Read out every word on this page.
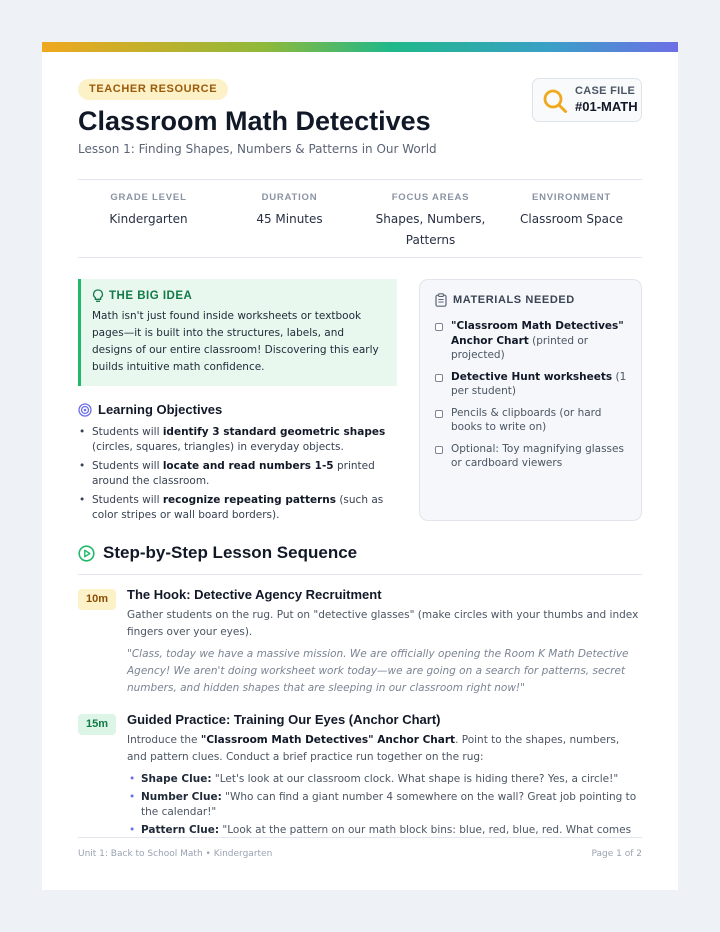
TEACHER RESOURCE
Classroom Math Detectives
Lesson 1: Finding Shapes, Numbers & Patterns in Our World
CASE FILE
#01-MATH
GRADE LEVEL
Kindergarten
DURATION
45 Minutes
FOCUS AREAS
Shapes, Numbers, Patterns
ENVIRONMENT
Classroom Space
THE BIG IDEA

Math isn't just found inside worksheets or textbook pages—it is built into the structures, labels, and designs of our entire classroom! Discovering this early builds intuitive math confidence.

MATERIALS NEEDED
"Classroom Math Detectives" Anchor Chart (printed or projected)
Detective Hunt worksheets (1 per student)
Pencils & clipboards (or hard books to write on)
Optional: Toy magnifying glasses or cardboard viewers
Learning Objectives
• Students will identify 3 standard geometric shapes (circles, squares, triangles) in everyday objects.
• Students will locate and read numbers 1-5 printed around the classroom.
• Students will recognize repeating patterns (such as color stripes or wall board borders).
Step-by-Step Lesson Sequence
10m	The Hook: Detective Agency Recruitment

Gather students on the rug. Put on "detective glasses" (make circles with your thumbs and index fingers over your eyes).

"Class, today we have a massive mission. We are officially opening the Room K Math Detective Agency! We aren't doing worksheet work today—we are going on a search for patterns, secret numbers, and hidden shapes that are sleeping in our classroom right now!"

15m	Guided Practice: Training Our Eyes (Anchor Chart)

Introduce the "Classroom Math Detectives" Anchor Chart. Point to the shapes, numbers, and pattern clues. Conduct a brief practice run together on the rug:

• Shape Clue: "Let's look at our classroom clock. What shape is hiding there? Yes, a circle!"
• Number Clue: "Who can find a giant number 4 somewhere on the wall? Great job pointing to the calendar!"
• Pattern Clue: "Look at the pattern on our math block bins: blue, red, blue, red. What comes
Unit 1: Back to School Math • Kindergarten	Page 1 of 2
